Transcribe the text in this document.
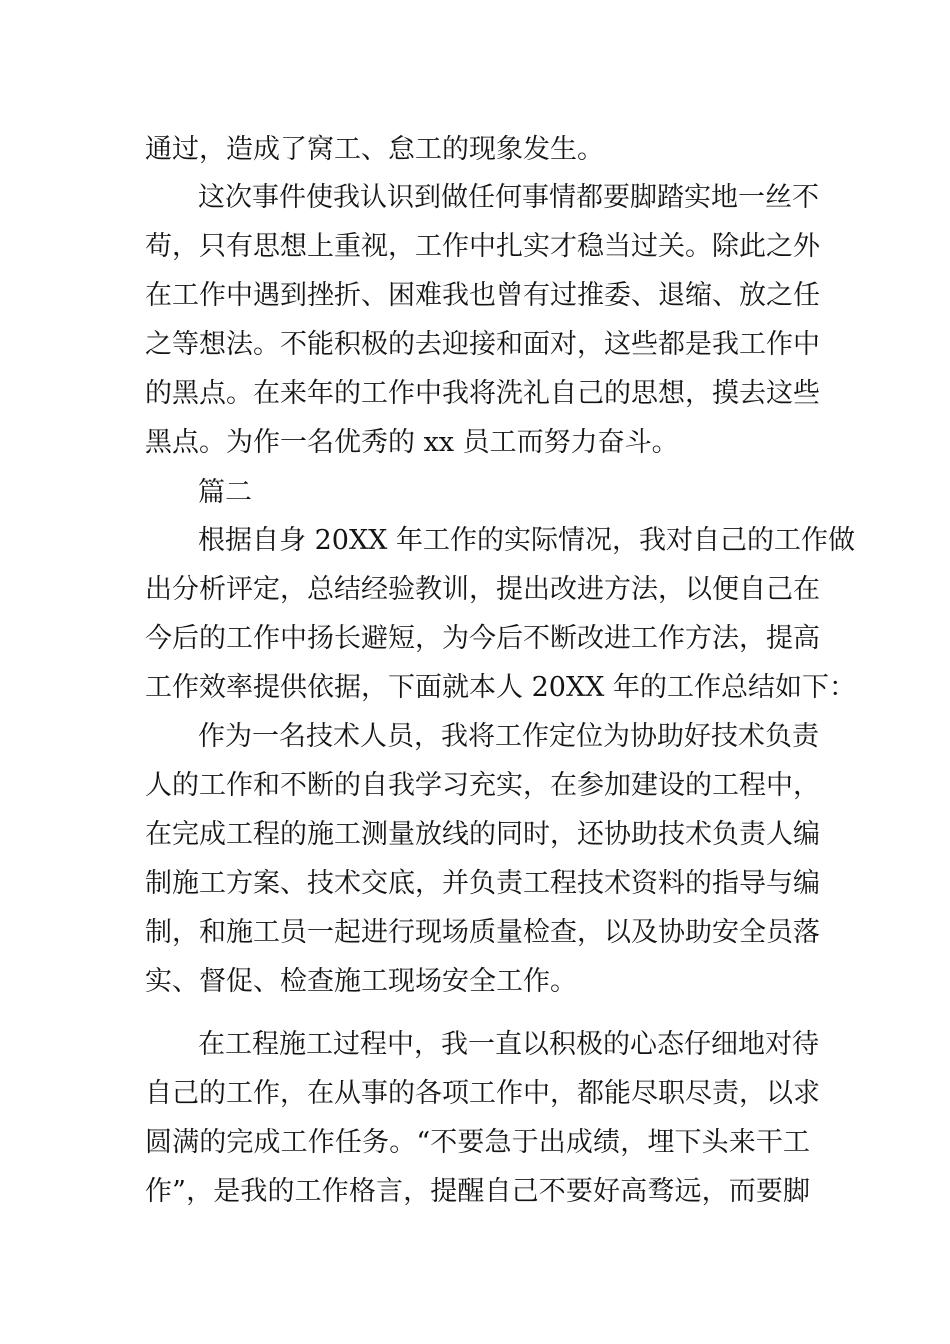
通过，造成了窝工、怠工的现象发生。
这次事件使我认识到做任何事情都要脚踏实地一丝不
苟，只有思想上重视，工作中扎实才稳当过关。除此之外
在工作中遇到挫折、困难我也曾有过推委、退缩、放之任
之等想法。不能积极的去迎接和面对，这些都是我工作中
的黑点。在来年的工作中我将洗礼自己的思想，摸去这些
黑点。为作一名优秀的 xx 员工而努力奋斗。
篇二
根据自身 20XX 年工作的实际情况，我对自己的工作做
出分析评定，总结经验教训，提出改进方法，以便自己在
今后的工作中扬长避短，为今后不断改进工作方法，提高
工作效率提供依据，下面就本人 20XX 年的工作总结如下：
作为一名技术人员，我将工作定位为协助好技术负责
人的工作和不断的自我学习充实，在参加建设的工程中，
在完成工程的施工测量放线的同时，还协助技术负责人编
制施工方案、技术交底，并负责工程技术资料的指导与编
制，和施工员一起进行现场质量检查，以及协助安全员落
实、督促、检查施工现场安全工作。
在工程施工过程中，我一直以积极的心态仔细地对待
自己的工作，在从事的各项工作中，都能尽职尽责，以求
圆满的完成工作任务。“不要急于出成绩，埋下头来干工
作”，是我的工作格言，提醒自己不要好高骛远，而要脚
